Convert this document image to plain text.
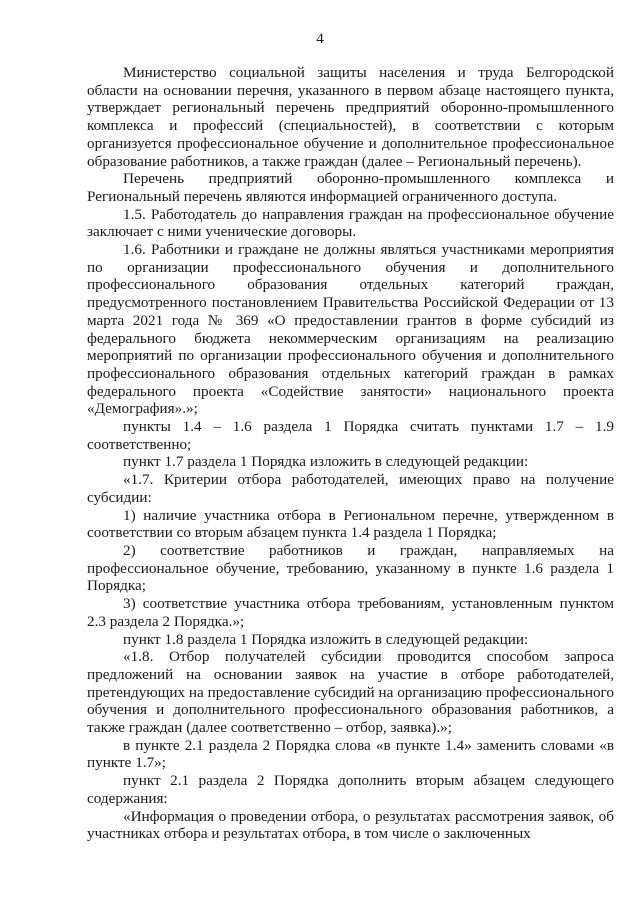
4

Министерство социальной защиты населения и труда Белгородской области на основании перечня, указанного в первом абзаце настоящего пункта, утверждает региональный перечень предприятий оборонно-промышленного комплекса и профессий (специальностей), в соответствии с которым организуется профессиональное обучение и дополнительное профессиональное образование работников, а также граждан (далее – Региональный перечень).

Перечень предприятий оборонно-промышленного комплекса и Региональный перечень являются информацией ограниченного доступа.

1.5. Работодатель до направления граждан на профессиональное обучение заключает с ними ученические договоры.

1.6. Работники и граждане не должны являться участниками мероприятия по организации профессионального обучения и дополнительного профессионального образования отдельных категорий граждан, предусмотренного постановлением Правительства Российской Федерации от 13 марта 2021 года № 369 «О предоставлении грантов в форме субсидий из федерального бюджета некоммерческим организациям на реализацию мероприятий по организации профессионального обучения и дополнительного профессионального образования отдельных категорий граждан в рамках федерального проекта «Содействие занятости» национального проекта «Демография».»;

пункты 1.4 – 1.6 раздела 1 Порядка считать пунктами 1.7 – 1.9 соответственно;

пункт 1.7 раздела 1 Порядка изложить в следующей редакции:

«1.7. Критерии отбора работодателей, имеющих право на получение субсидии:

1) наличие участника отбора в Региональном перечне, утвержденном в соответствии со вторым абзацем пункта 1.4 раздела 1 Порядка;

2) соответствие работников и граждан, направляемых на профессиональное обучение, требованию, указанному в пункте 1.6 раздела 1 Порядка;

3) соответствие участника отбора требованиям, установленным пунктом 2.3 раздела 2 Порядка.»;

пункт 1.8 раздела 1 Порядка изложить в следующей редакции:

«1.8. Отбор получателей субсидии проводится способом запроса предложений на основании заявок на участие в отборе работодателей, претендующих на предоставление субсидий на организацию профессионального обучения и дополнительного профессионального образования работников, а также граждан (далее соответственно – отбор, заявка).»;

в пункте 2.1 раздела 2 Порядка слова «в пункте 1.4» заменить словами «в пункте 1.7»;

пункт 2.1 раздела 2 Порядка дополнить вторым абзацем следующего содержания:

«Информация о проведении отбора, о результатах рассмотрения заявок, об участниках отбора и результатах отбора, в том числе о заключенных
